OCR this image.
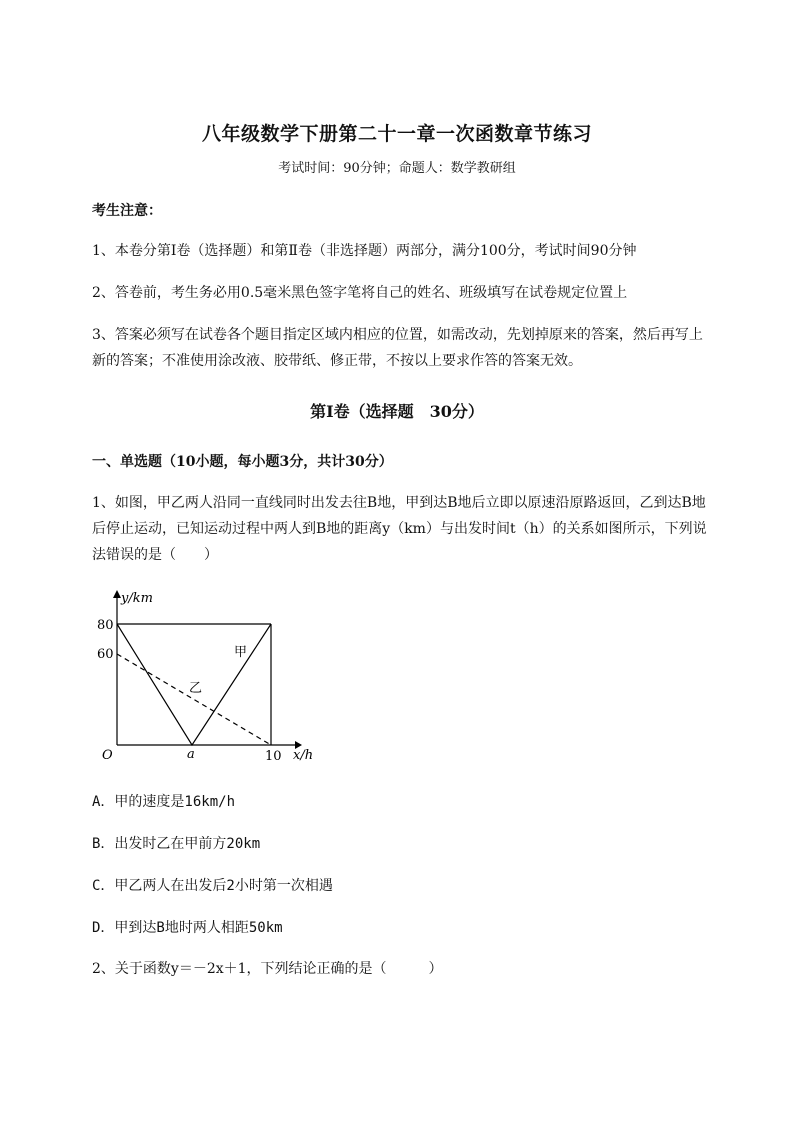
八年级数学下册第二十一章一次函数章节练习
考试时间：90分钟；命题人：数学教研组
考生注意：
1、本卷分第I卷（选择题）和第Ⅱ卷（非选择题）两部分，满分100分，考试时间90分钟
2、答卷前，考生务必用0.5毫米黑色签字笔将自己的姓名、班级填写在试卷规定位置上
3、答案必须写在试卷各个题目指定区域内相应的位置，如需改动，先划掉原来的答案，然后再写上新的答案；不准使用涂改液、胶带纸、修正带，不按以上要求作答的答案无效。
第I卷（选择题　30分）
一、单选题（10小题，每小题3分，共计30分）
1、如图，甲乙两人沿同一直线同时出发去往B地，甲到达B地后立即以原速沿原路返回，乙到达B地后停止运动，已知运动过程中两人到B地的距离y（km）与出发时间t（h）的关系如图所示，下列说法错误的是（　　）
y/km
x/h
O	a	10
80
60	甲
乙
A．甲的速度是16km/h
B．出发时乙在甲前方20km
C．甲乙两人在出发后2小时第一次相遇
D．甲到达B地时两人相距50km
2、关于函数y＝－2x＋1，下列结论正确的是（　　　）
